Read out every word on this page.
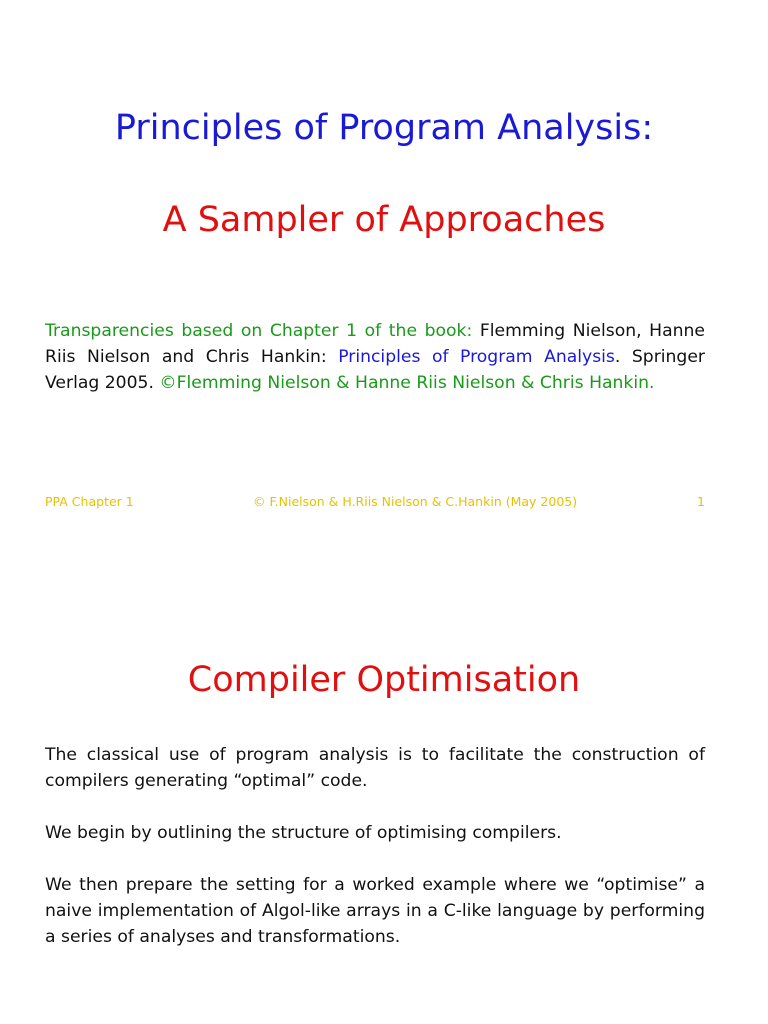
Principles of Program Analysis:
A Sampler of Approaches

Transparencies based on Chapter 1 of the book: Flemming Nielson, Hanne Riis Nielson and Chris Hankin: Principles of Program Analysis. Springer Verlag 2005. ©Flemming Nielson & Hanne Riis Nielson & Chris Hankin.

PPA Chapter 1	© F.Nielson & H.Riis Nielson & C.Hankin (May 2005)	1
Compiler Optimisation

The classical use of program analysis is to facilitate the construction of compilers generating “optimal” code.

We begin by outlining the structure of optimising compilers.

We then prepare the setting for a worked example where we “optimise” a naive implementation of Algol-like arrays in a C-like language by performing a series of analyses and transformations.
